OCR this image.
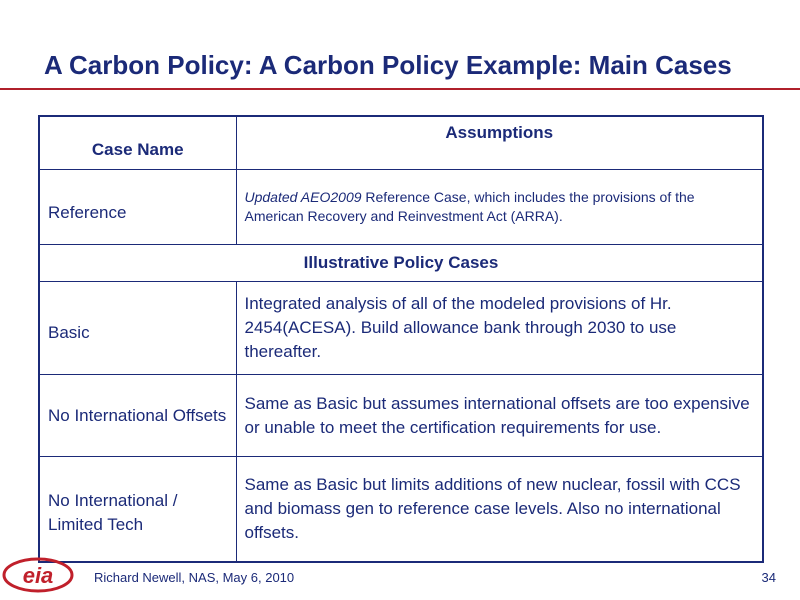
A Carbon Policy: A Carbon Policy Example: Main Cases
Case Name	Assumptions
Reference	Updated AEO2009 Reference Case, which includes the provisions of the American Recovery and Reinvestment Act (ARRA).
Illustrative Policy Cases	
Basic	Integrated analysis of all of the modeled provisions of Hr. 2454(ACESA). Build allowance bank through 2030 to use thereafter.
No International Offsets	Same as Basic but assumes international offsets are too expensive or unable to meet the certification requirements for use.
No International / Limited Tech	Same as Basic but limits additions of new nuclear, fossil with CCS and biomass gen to reference case levels. Also no international offsets.
eia	Richard Newell, NAS, May 6, 2010	34
